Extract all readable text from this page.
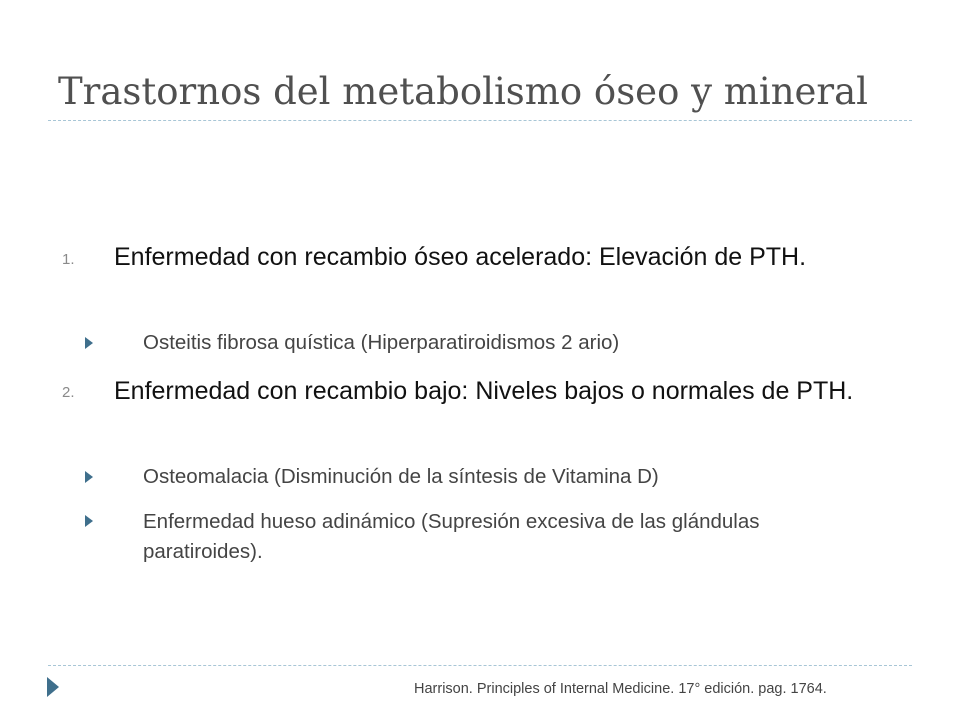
Trastornos del metabolismo óseo y mineral
1.	Enfermedad con recambio óseo acelerado: Elevación de PTH.
Osteitis fibrosa quística (Hiperparatiroidismos 2 ario)
2.	Enfermedad con recambio bajo: Niveles bajos o normales de PTH.
Osteomalacia (Disminución de la síntesis de Vitamina D)
Enfermedad hueso adinámico (Supresión excesiva de las glándulas paratiroides).
Harrison. Principles of Internal Medicine. 17° edición. pag. 1764.
